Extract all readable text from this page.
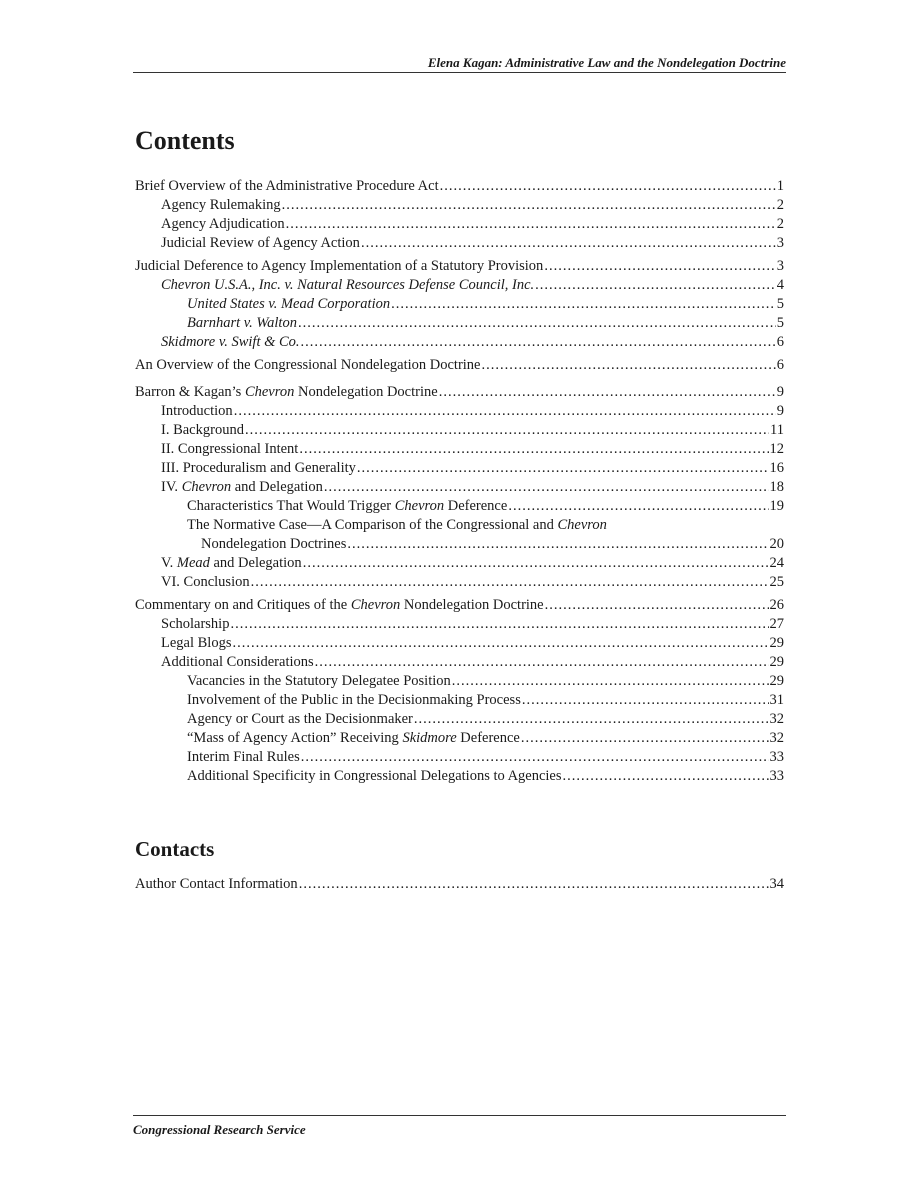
Elena Kagan: Administrative Law and the Nondelegation Doctrine
Contents
Brief Overview of the Administrative Procedure Act .....	1
Agency Rulemaking .....	2
Agency Adjudication .....	2
Judicial Review of Agency Action .....	3
Judicial Deference to Agency Implementation of a Statutory Provision .....	3
Chevron U.S.A., Inc. v. Natural Resources Defense Council, Inc. .....	4
United States v. Mead Corporation .....	5
Barnhart v. Walton .....	5
Skidmore v. Swift & Co. .....	6
An Overview of the Congressional Nondelegation Doctrine .....	6
Barron & Kagan’s Chevron Nondelegation Doctrine .....	9
Introduction .....	9
I. Background .....	11
II. Congressional Intent .....	12
III. Proceduralism and Generality .....	16
IV. Chevron and Delegation .....	18
Characteristics That Would Trigger Chevron Deference .....	19
The Normative Case—A Comparison of the Congressional and Chevron
Nondelegation Doctrines .....	20
V. Mead and Delegation .....	24
VI. Conclusion .....	25
Commentary on and Critiques of the Chevron Nondelegation Doctrine .....	26
Scholarship .....	27
Legal Blogs .....	29
Additional Considerations .....	29
Vacancies in the Statutory Delegatee Position .....	29
Involvement of the Public in the Decisionmaking Process .....	31
Agency or Court as the Decisionmaker .....	32
“Mass of Agency Action” Receiving Skidmore Deference .....	32
Interim Final Rules .....	33
Additional Specificity in Congressional Delegations to Agencies .....	33
Contacts
Author Contact Information .....	34
Congressional Research Service
